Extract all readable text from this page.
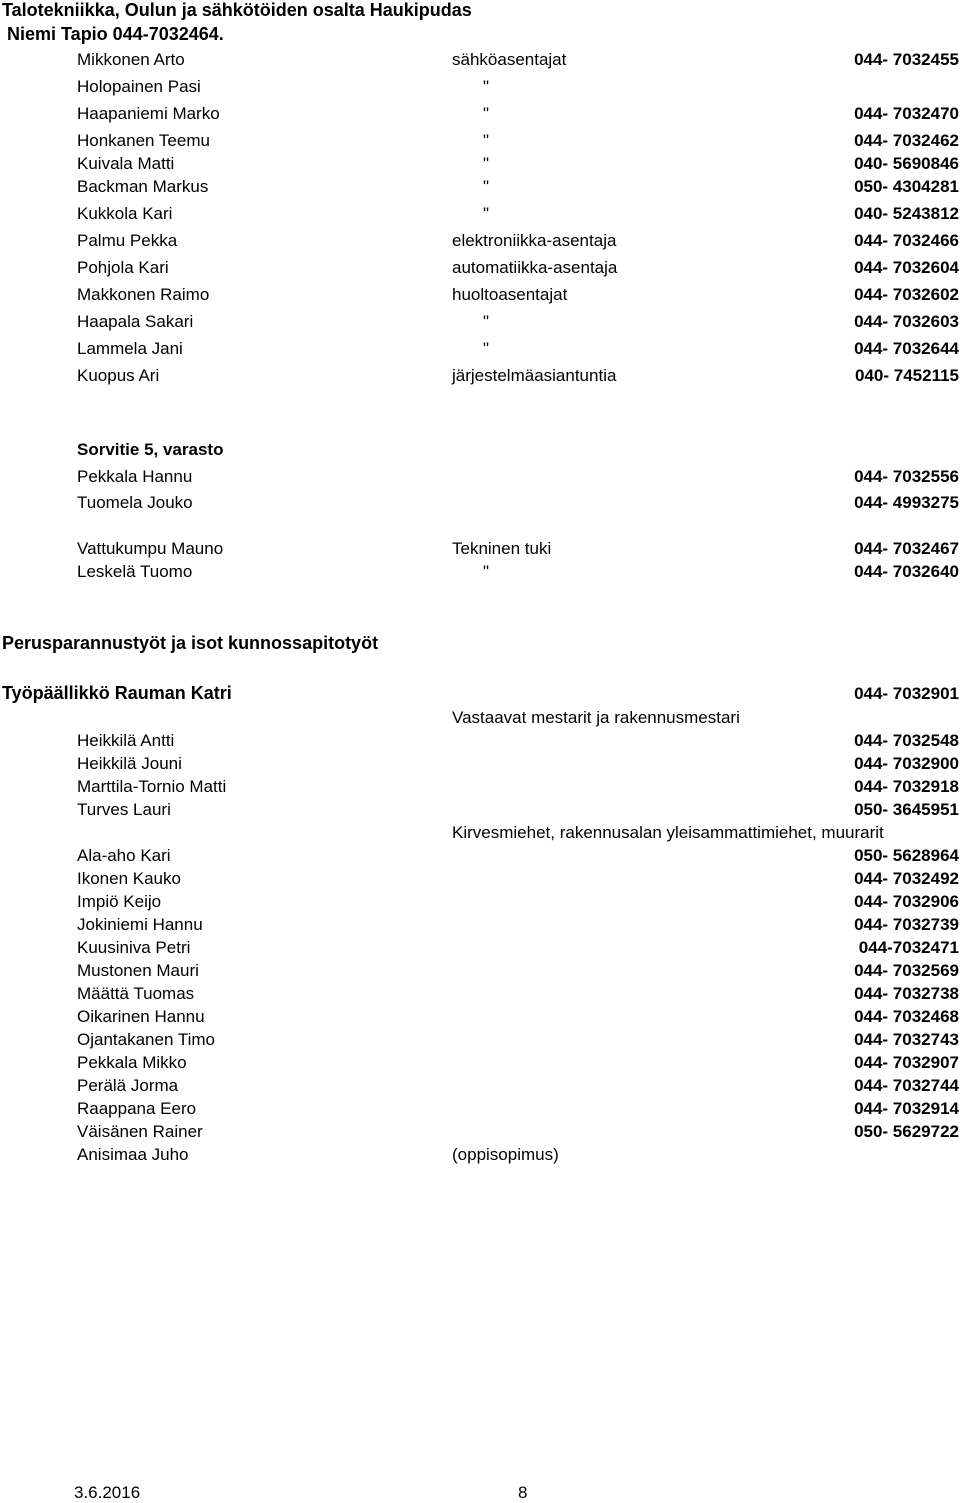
Talotekniikka, Oulun ja sähkötöiden osalta Haukipudas
Niemi Tapio 044-7032464.
Mikkonen Arto	sähköasentajat	044- 7032455
Holopainen Pasi	"
Haapaniemi Marko	"	044- 7032470
Honkanen Teemu	"	044- 7032462
Kuivala Matti	"	040- 5690846
Backman Markus	"	050- 4304281
Kukkola Kari	"	040- 5243812
Palmu Pekka	elektroniikka-asentaja	044- 7032466
Pohjola Kari	automatiikka-asentaja	044- 7032604
Makkonen Raimo	huoltoasentajat	044- 7032602
Haapala Sakari	"	044- 7032603
Lammela Jani	"	044- 7032644
Kuopus Ari	järjestelmäasiantuntia	040- 7452115
Sorvitie 5, varasto
Pekkala Hannu	044- 7032556
Tuomela Jouko	044- 4993275
Vattukumpu Mauno	Tekninen tuki	044- 7032467
Leskelä Tuomo	"	044- 7032640
Perusparannustyöt ja isot kunnossapitotyöt
Työpäällikkö Rauman Katri	044- 7032901
Vastaavat mestarit ja rakennusmestari
Heikkilä Antti	044- 7032548
Heikkilä Jouni	044- 7032900
Marttila-Tornio Matti	044- 7032918
Turves Lauri	050- 3645951
Kirvesmiehet, rakennusalan yleisammattimiehet, muurarit
Ala-aho Kari	050- 5628964
Ikonen Kauko	044- 7032492
Impiö Keijo	044- 7032906
Jokiniemi Hannu	044- 7032739
Kuusiniva Petri	044-7032471
Mustonen Mauri	044- 7032569
Määttä Tuomas	044- 7032738
Oikarinen Hannu	044- 7032468
Ojantakanen Timo	044- 7032743
Pekkala Mikko	044- 7032907
Perälä Jorma	044- 7032744
Raappana Eero	044- 7032914
Väisänen Rainer	050- 5629722
Anisimaa Juho	(oppisopimus)
3.6.2016	8
